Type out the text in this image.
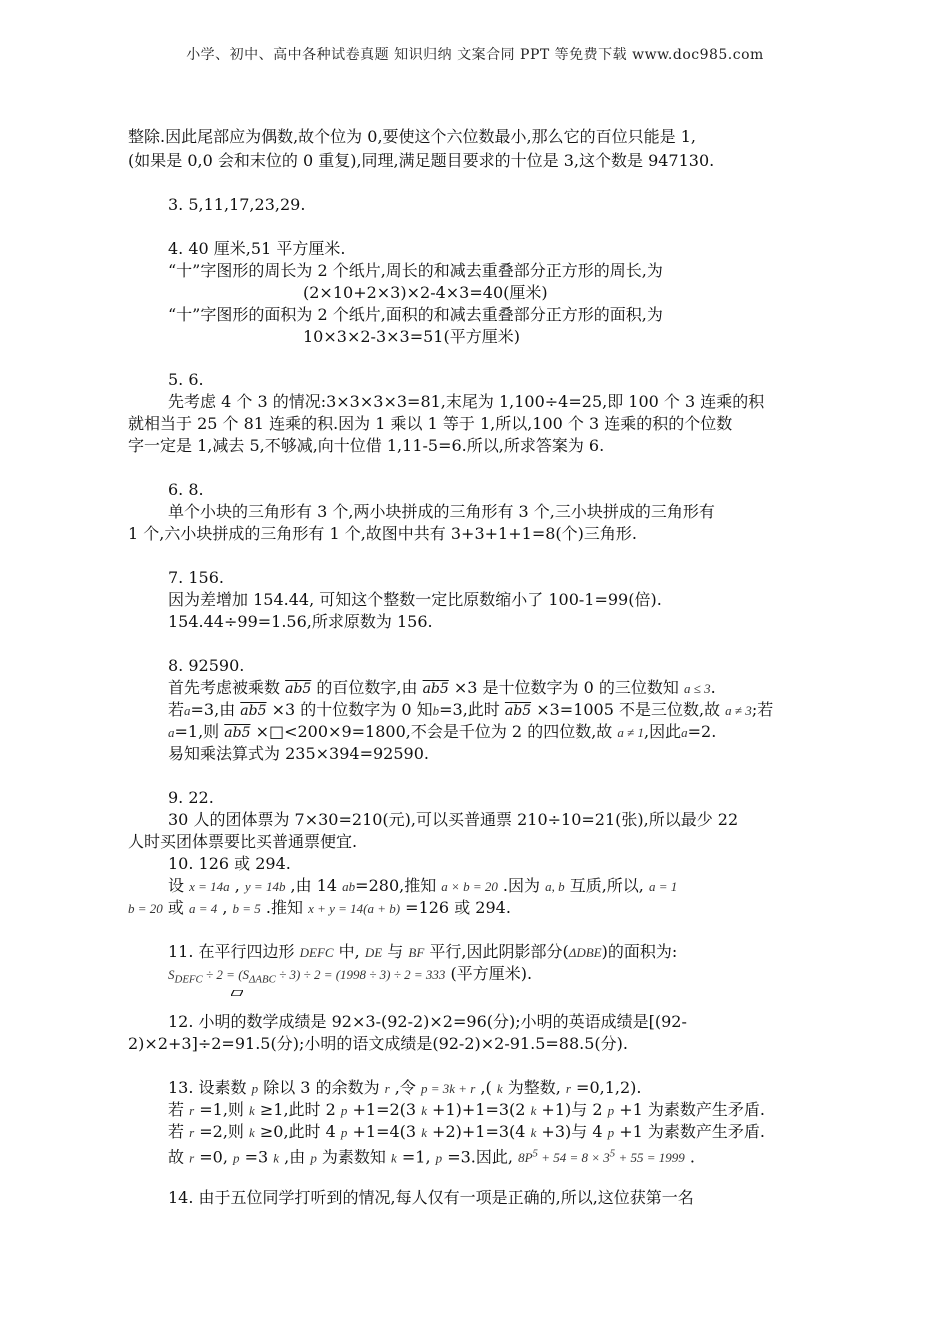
小学、初中、高中各种试卷真题 知识归纳 文案合同 PPT 等免费下载 www.doc985.com
整除.因此尾部应为偶数,故个位为 0,要使这个六位数最小,那么它的百位只能是 1,
(如果是 0,0 会和末位的 0 重复),同理,满足题目要求的十位是 3,这个数是 947130.
3. 5,11,17,23,29.
4. 40 厘米,51 平方厘米.
“十”字图形的周长为 2 个纸片,周长的和减去重叠部分正方形的周长,为
(2×10+2×3)×2-4×3=40(厘米)
“十”字图形的面积为 2 个纸片,面积的和减去重叠部分正方形的面积,为
10×3×2-3×3=51(平方厘米)
5. 6.
先考虑 4 个 3 的情况:3×3×3×3=81,末尾为 1,100÷4=25,即 100 个 3 连乘的积
就相当于 25 个 81 连乘的积.因为 1 乘以 1 等于 1,所以,100 个 3 连乘的积的个位数
字一定是 1,减去 5,不够减,向十位借 1,11-5=6.所以,所求答案为 6.
6. 8.
单个小块的三角形有 3 个,两小块拼成的三角形有 3 个,三小块拼成的三角形有
1 个,六小块拼成的三角形有 1 个,故图中共有 3+3+1+1=8(个)三角形.
7. 156.
因为差增加 154.44, 可知这个整数一定比原数缩小了 100-1=99(倍).
154.44÷99=1.56,所求原数为 156.
8. 92590.
首先考虑被乘数 ab5 的百位数字,由 ab5 ×3 是十位数字为 0 的三位数知 a ≤ 3.
若a=3,由 ab5 ×3 的十位数字为 0 知b=3,此时 ab5 ×3=1005 不是三位数,故 a ≠ 3;若
a=1,则 ab5 ×□<200×9=1800,不会是千位为 2 的四位数,故 a ≠ 1,因此a=2.
易知乘法算式为 235×394=92590.
9. 22.
30 人的团体票为 7×30=210(元),可以买普通票 210÷10=21(张),所以最少 22
人时买团体票要比买普通票便宜.
10. 126 或 294.
设 x = 14a , y = 14b ,由 14 ab=280,推知 a × b = 20 .因为 a, b 互质,所以, a = 1
b = 20 或 a = 4 , b = 5 .推知 x + y = 14(a + b) =126 或 294.
11. 在平行四边形 DEFC 中, DE 与 BF 平行,因此阴影部分(ΔDBE)的面积为:
$S_{DEFC} \div 2 = (S_{\Delta ABC} \div 3) \div 2 = (1998 \div 3) \div 2 = 333$ (平方厘米).
12. 小明的数学成绩是 92×3-(92-2)×2=96(分);小明的英语成绩是[(92-
2)×2+3]÷2=91.5(分);小明的语文成绩是(92-2)×2-91.5=88.5(分).
13. 设素数 p 除以 3 的余数为 r ,令 p = 3k + r ,( k 为整数, r =0,1,2).
若 r =1,则 k ≥1,此时 2 p +1=2(3 k +1)+1=3(2 k +1)与 2 p +1 为素数产生矛盾.
若 r =2,则 k ≥0,此时 4 p +1=4(3 k +2)+1=3(4 k +3)与 4 p +1 为素数产生矛盾.
故 r =0, p =3 k ,由 p 为素数知 k =1, p =3.因此, $8P^5 + 54 = 8 \times 3^5 + 55 = 1999$ .
14. 由于五位同学打听到的情况,每人仅有一项是正确的,所以,这位获第一名
